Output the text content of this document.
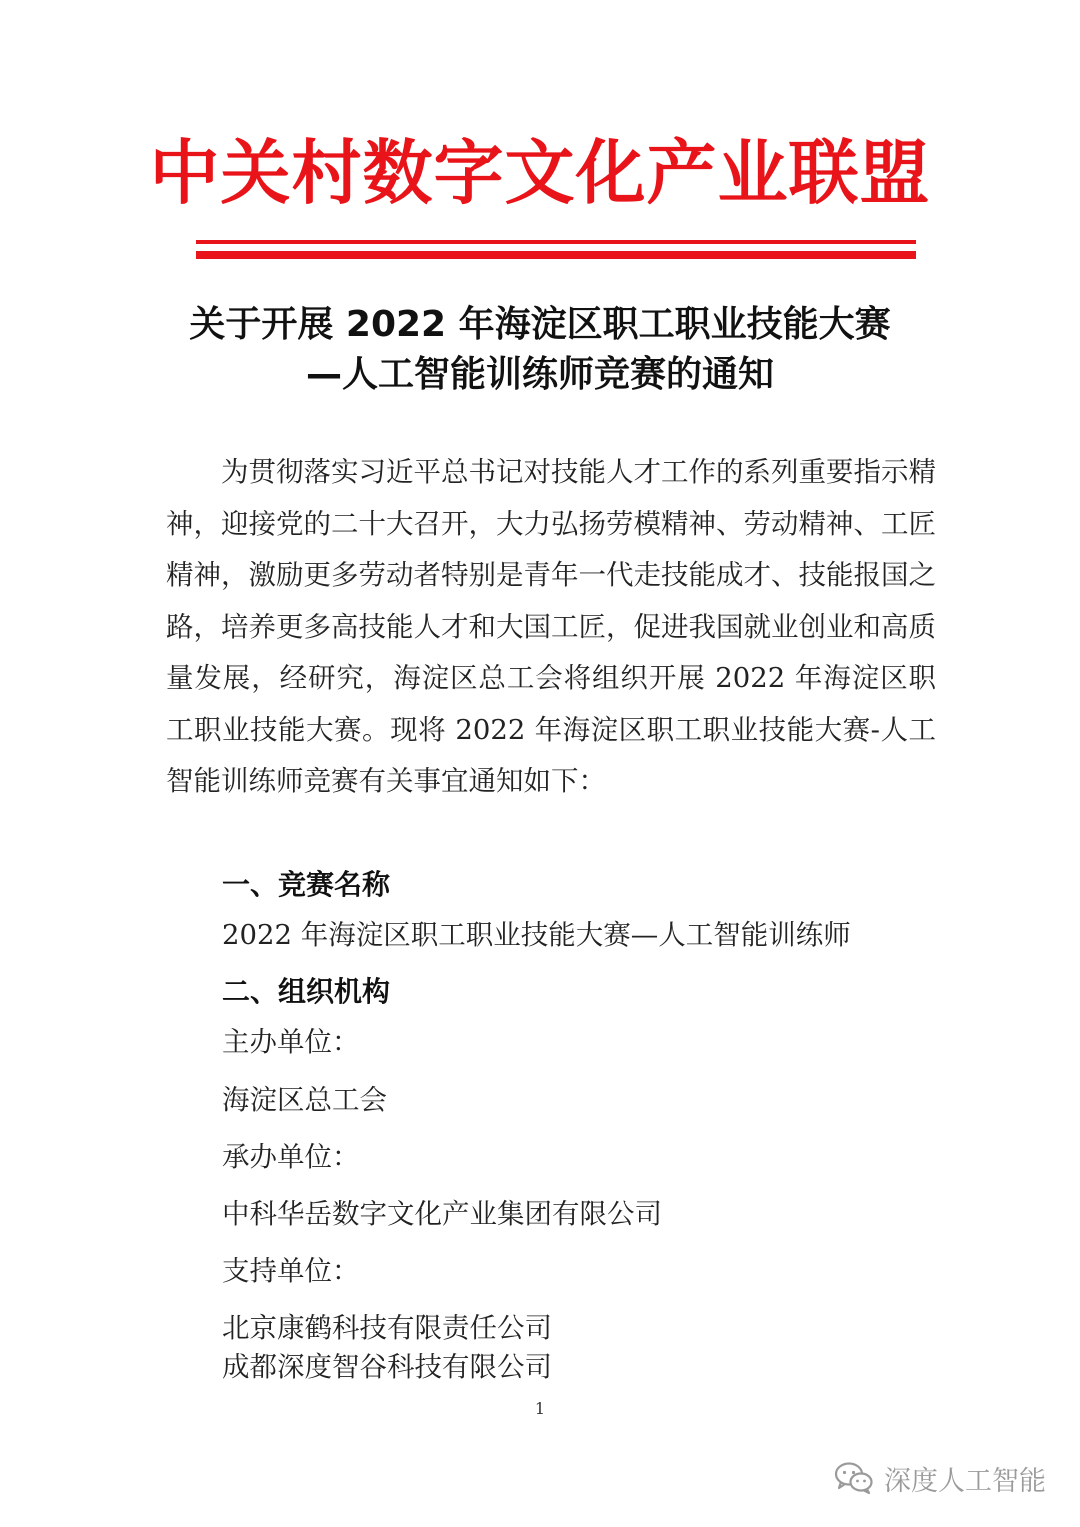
中关村数字文化产业联盟
关于开展 2022 年海淀区职工职业技能大赛
—人工智能训练师竞赛的通知

为贯彻落实习近平总书记对技能人才工作的系列重要指示精神，迎接党的二十大召开，大力弘扬劳模精神、劳动精神、工匠精神，激励更多劳动者特别是青年一代走技能成才、技能报国之路，培养更多高技能人才和大国工匠，促进我国就业创业和高质量发展，经研究，海淀区总工会将组织开展 2022 年海淀区职工职业技能大赛。现将 2022 年海淀区职工职业技能大赛-人工智能训练师竞赛有关事宜通知如下：

一、竞赛名称
2022 年海淀区职工职业技能大赛—人工智能训练师
二、组织机构
主办单位：
海淀区总工会
承办单位：
中科华岳数字文化产业集团有限公司
支持单位：
北京康鹤科技有限责任公司
成都深度智谷科技有限公司
1
深度人工智能
